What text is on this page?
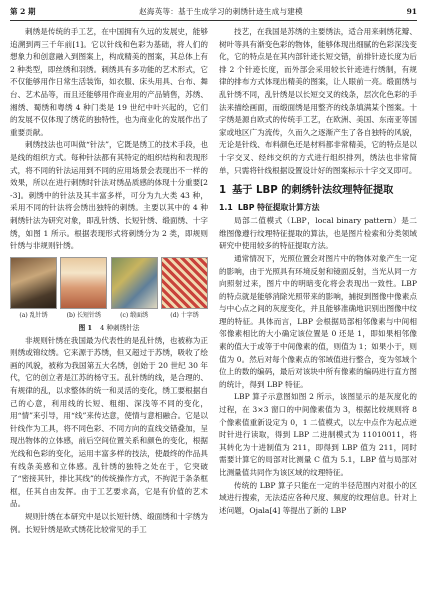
第 2 期	赵海英等：基于生成学习的刺绣针迹生成与建模	91

刺绣是传统的手工艺，在中国拥有久远的发展史，能够追溯到两三千年前[1]。它以针线和色彩为基础，将人们的想象力和创意融入到图案上，构成精美的图案，其总体上有 2 种类型，即丝绣和羽绣。刺绣具有多功能的艺术形式，它不仅能够用作日常生活装饰，如衣服、床头用具、台布、舞台、艺术品等，而且还能够用作商业用的产品销售，苏绣、湘绣、蜀绣和粤绣 4 种门类是 19 世纪中叶兴起的，它们的发展不仅体现了绣花的独特性，也为商业化的发展作出了重要贡献。

刺绣技法也可叫做“针法”，它既是绣工的技术手段，也是线的组织方式。每种针法都有其特定的组织结构和表现形式，将不同的针法运用到不同的应用场景会表现出不一样的效果，所以在进行刺绣时针法对绣品质感的体现十分重要[2-3]。刺绣中的针法及其丰富多样，可分为九大类 43 种，采用不同的针法将会绣出独特的刺绣。主要以其中的 4 种刺绣针法为研究对象，即乱针绣、长短针绣、缎面绣、十字绣，如图 1 所示。根据表现形式将刺绣分为 2 类，即规则针绣与非规则针绣。

(a) 乱针绣	(b) 长短针绣	(c) 缎面绣	(d) 十字绣
图 1 4 种刺绣针法

非规则针绣在我国最为代表性的是乱针绣，也被称为正则绣或锦纹绣。它来源于苏绣，但又超过于苏绣，吸收了绘画的风貌，被称为我国第五大名绣，创始于 20 世纪 30 年代，它的创立者是江苏的杨守玉。乱针绣的线，是合理的、有规律的乱，以求整体的统一和灵活的变化，绣工要根据自己的心意，利用线的长短、粗细、深浅等不同的变化，用“情”来引导，用“线”来传达意，使情与意相融合。它是以针线作为工具，将不同色彩、不同方向的直线交错叠加，呈现出物体的立体感，前后空间位置关系和颜色的变化，根据光线和色彩的变化，运用丰富多样的技法，使最终的作品具有线条美感和立体感。乱针绣的独特之处在于，它突破了“密接其针，排比其线”的传统操作方式，不拘泥于条条框框，任其自由发挥。由于工艺要求高，它是有价值的艺术品。

规则针绣在本研究中是以长短针绣、缎面绣和十字绣为例。长短针绣是欧式绣花比较常见的手工

技艺，在我国是苏绣的主要绣法，适合用来刺绣花瓣、树叶等具有渐变色彩的物体，能够体现出细腻的色彩深浅变化，它的特点是在其内部针迹长短交错，前排针迹长度为后排 2 个针迹长度，而外部会采用较长针迹进行绣制，有规律的排布方式体现出精美的图案，让人眼前一亮。缎面绣与乱针绣不同，乱针绣是以长短交叉的线条，层次化色彩的手法来描绘画面，而缎面绣是用整齐的线条填满某个图案。十字绣是源自欧式的传统手工艺，在欧洲、美国、东南亚等国家或地区广为流传，久而久之逐渐产生了各自独特的风貌，无论是针线、布料颜色还是材料都非常精美，它的特点是以十字交叉、经纬交织的方式进行组织排列，绣法也非常简单，只需将针线根据设置设计好的图案标示十字交叉即可。

1 基于 LBP 的刺绣针法纹理特征提取
1.1 LBP 特征提取计算方法

局部二值模式（LBP，local binary pattern）是二维图像遵行纹理特征提取的算法，也是图片检索和分类领域研究中使用较多的特征提取方法。

通常情况下，光照位置会对图片中的物体对象产生一定的影响，由于光照具有环境反射和镜面反射，当光从同一方向照射过来，图片中的明暗变化将会表现出一致性。LBP 的特点就是能够消除光照带来的影响，捕捉到图像中像素点与中心点之间的灰度变化，并且能够准确地识别出图像中纹理的特征。具体而言，LBP 会根据局部相邻像素与中间相邻像素相比的大小确定该位置是 0 还是 1，即如果相邻像素的值大于或等于中间像素的值，则值为 1；如果小于，则值为 0。然后对每个像素点的邻域值进行整合，变为邻域个位上的数的编码，最后对该块中所有像素的编码进行直方图的统计，得到 LBP 特征。

LBP 算子示意图如图 2 所示，该图显示的是灰度化的过程，在 3×3 窗口的中间像素值为 3，根据比较规则将 8 个像素值重新设定为 0，1 二值模式，以左中点作为起点逆时针进行读取，得到 LBP 二进制模式为 11010011，将其转化为十进制值为 211，即得到 LBP 值为 211，同时需要计算它的局部对比测量 C 值为 5.1，LBP 值与局部对比测量值共同作为该区域的纹理特征。

传统的 LBP 算子只能在一定的半径范围内对很小的区域进行搜索，无法适应各种尺度、频度的纹理信息。针对上述问题，Ojala[4] 等提出了新的 LBP
